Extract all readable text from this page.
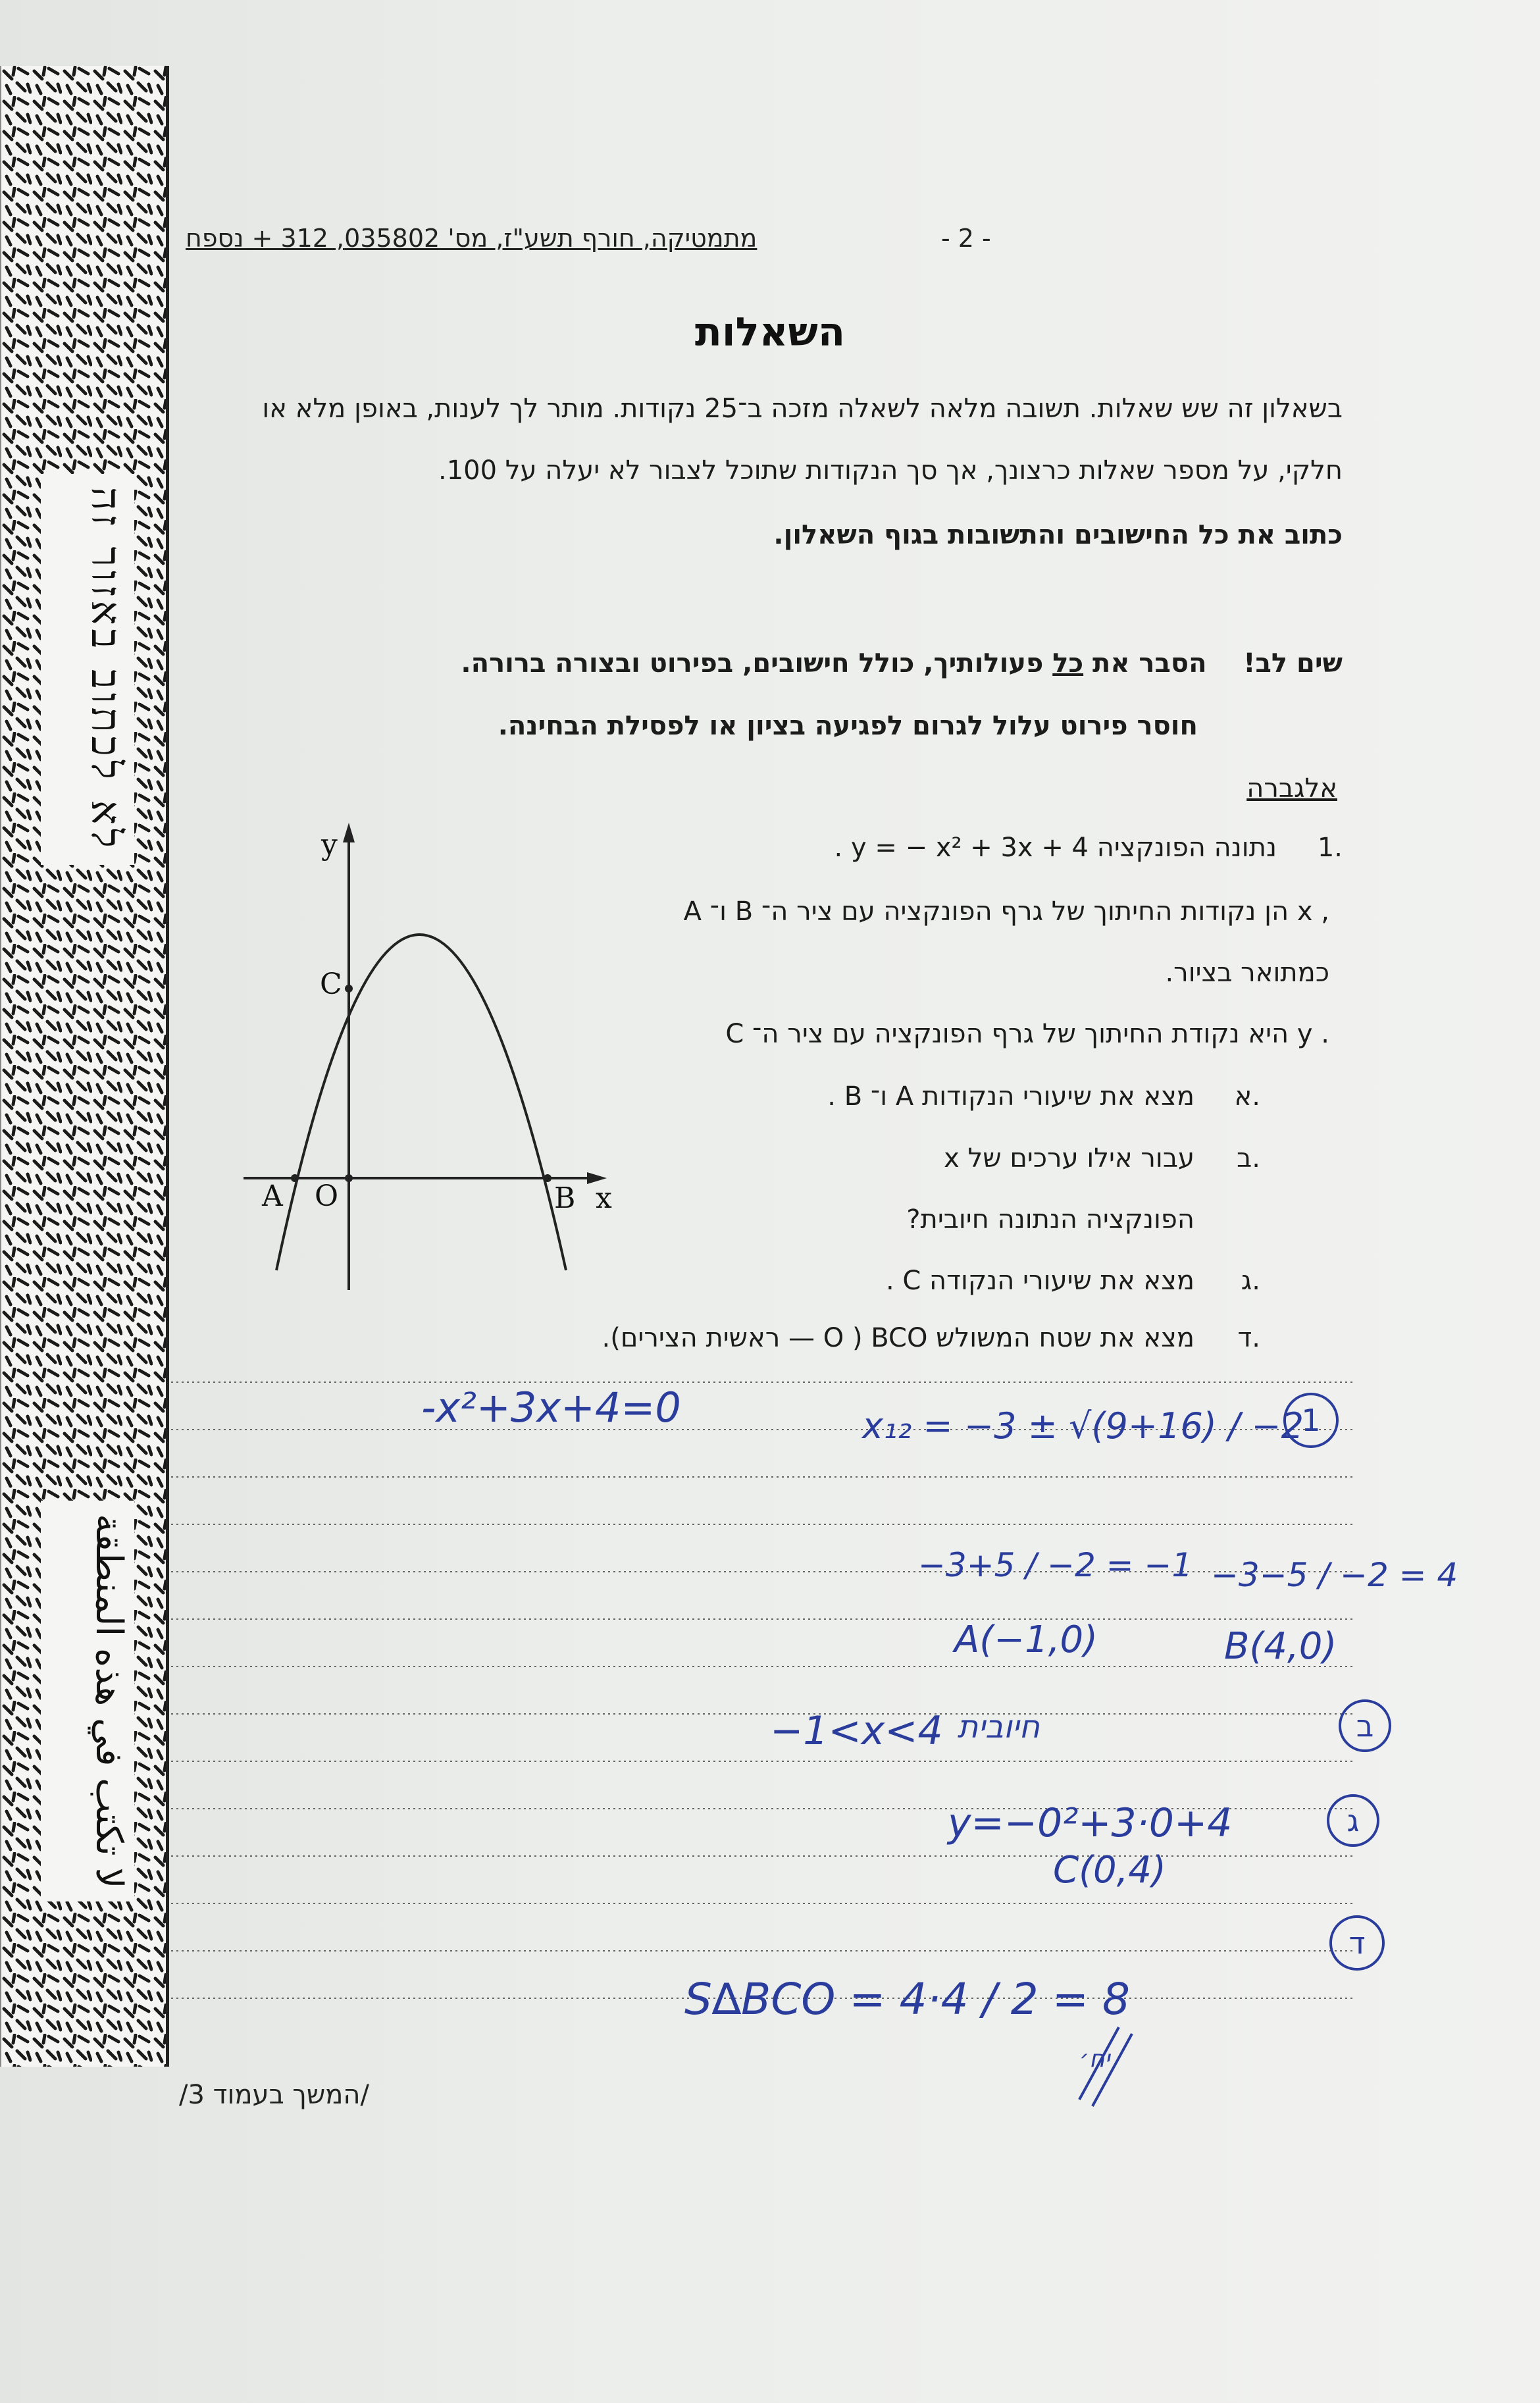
לא לכתוב באזור זה
لا تكتب في هذه المنطقة
מתמטיקה, חורף תשע"ז, מס' 035802, 312 + נספח	- 2 -
השאלות
בשאלון זה שש שאלות. תשובה מלאה לשאלה מזכה ב־25 נקודות. מותר לך לענות, באופן מלא או
חלקי, על מספר שאלות כרצונך, אך סך הנקודות שתוכל לצבור לא יעלה על 100.
כתוב את כל החישובים והתשובות בגוף השאלון.
שים לב!    הסבר את כל פעולותיך, כולל חישובים, בפירוט ובצורה ברורה.
חוסר פירוט עלול לגרום לפגיעה בציון או לפסילת הבחינה.
אלגברה
1.
נתונה הפונקציה y = − x² + 3x + 4 .
A ו־ B הן נקודות החיתוך של גרף הפונקציה עם ציר ה־ x ,
כמתואר בציור.
C היא נקודת החיתוך של גרף הפונקציה עם ציר ה־ y .
א.
מצא את שיעורי הנקודות A ו־ B .
ב.
עבור אילו ערכים של x
הפונקציה הנתונה חיובית?
ג.
מצא את שיעורי הנקודה C .
ד.
מצא את שטח המשולש BCO ( O — ראשית הצירים).
y
x
A O	B
C
-x²+3x+4=0	x₁₂ = −3 ± √(9+16) / −2
−3+5 / −2 = −1 −3−5 / −2 = 4
A(−1,0)	B(4,0)
−1<x<4 חיובית
y=−0²+3·0+4
C(0,4)
S∆BCO = 4·4 / 2 = 8
יח׳
1
ב
ג
ד
/המשך בעמוד 3/
